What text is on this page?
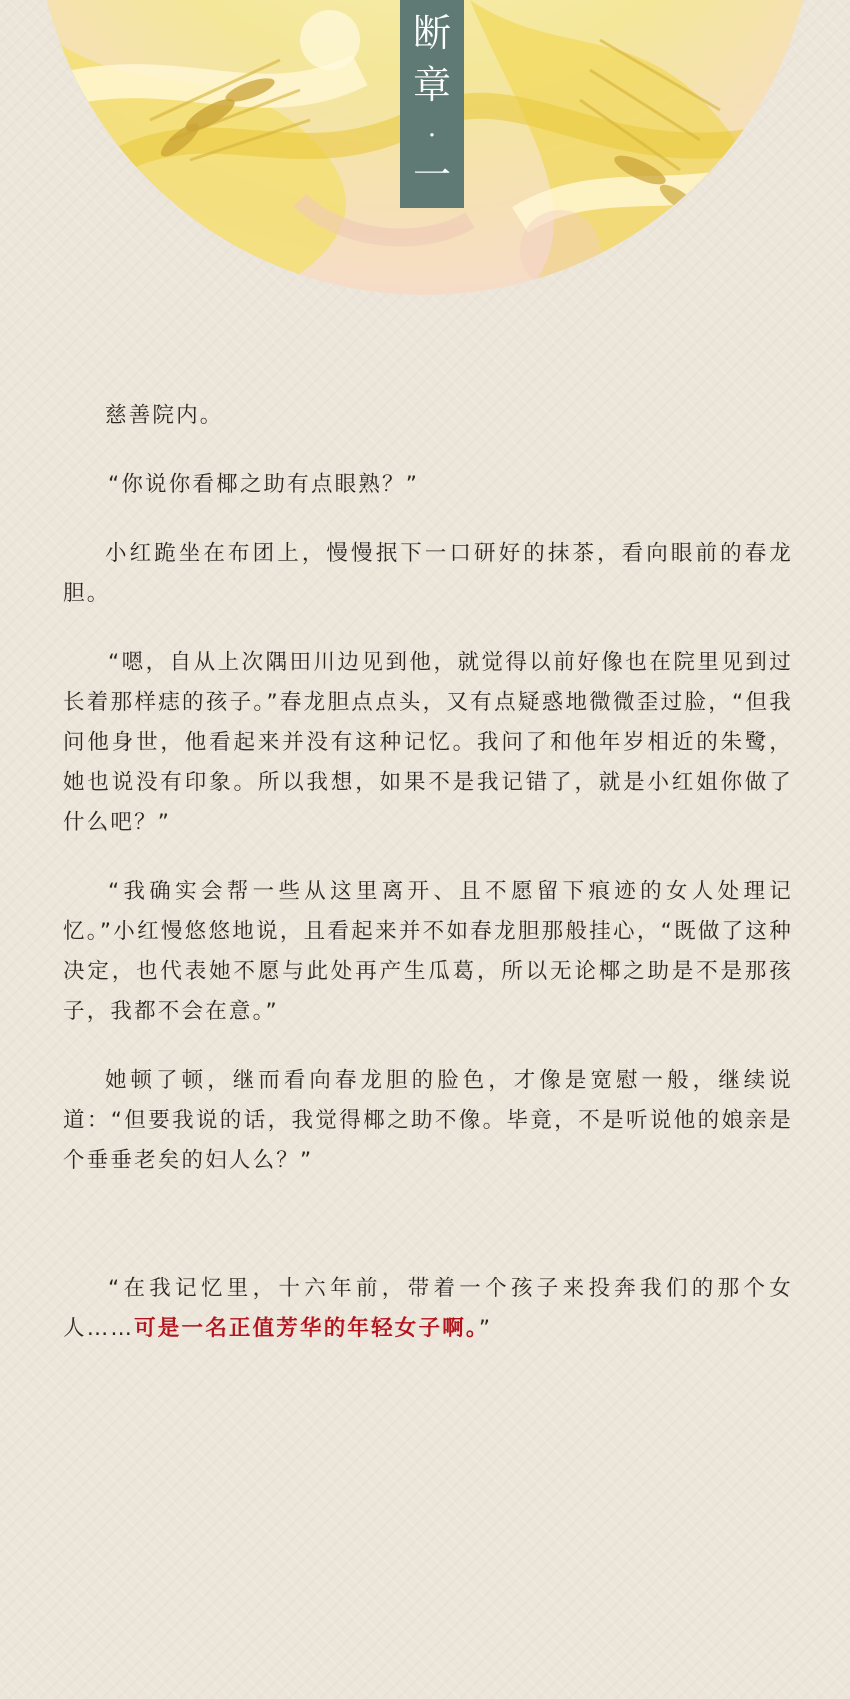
断
章
·
一

慈善院内。

“你说你看椰之助有点眼熟？”

小红跪坐在布团上，慢慢抿下一口研好的抹茶，看向眼前的春龙胆。

“嗯，自从上次隅田川边见到他，就觉得以前好像也在院里见到过长着那样痣的孩子。”春龙胆点点头，又有点疑惑地微微歪过脸，“但我问他身世，他看起来并没有这种记忆。我问了和他年岁相近的朱鹭，她也说没有印象。所以我想，如果不是我记错了，就是小红姐你做了什么吧？”

“我确实会帮一些从这里离开、且不愿留下痕迹的女人处理记忆。”小红慢悠悠地说，且看起来并不如春龙胆那般挂心，“既做了这种决定，也代表她不愿与此处再产生瓜葛，所以无论椰之助是不是那孩子，我都不会在意。”

她顿了顿，继而看向春龙胆的脸色，才像是宽慰一般，继续说道：“但要我说的话，我觉得椰之助不像。毕竟，不是听说他的娘亲是个垂垂老矣的妇人么？”

“在我记忆里，十六年前，带着一个孩子来投奔我们的那个女人……可是一名正值芳华的年轻女子啊。”
